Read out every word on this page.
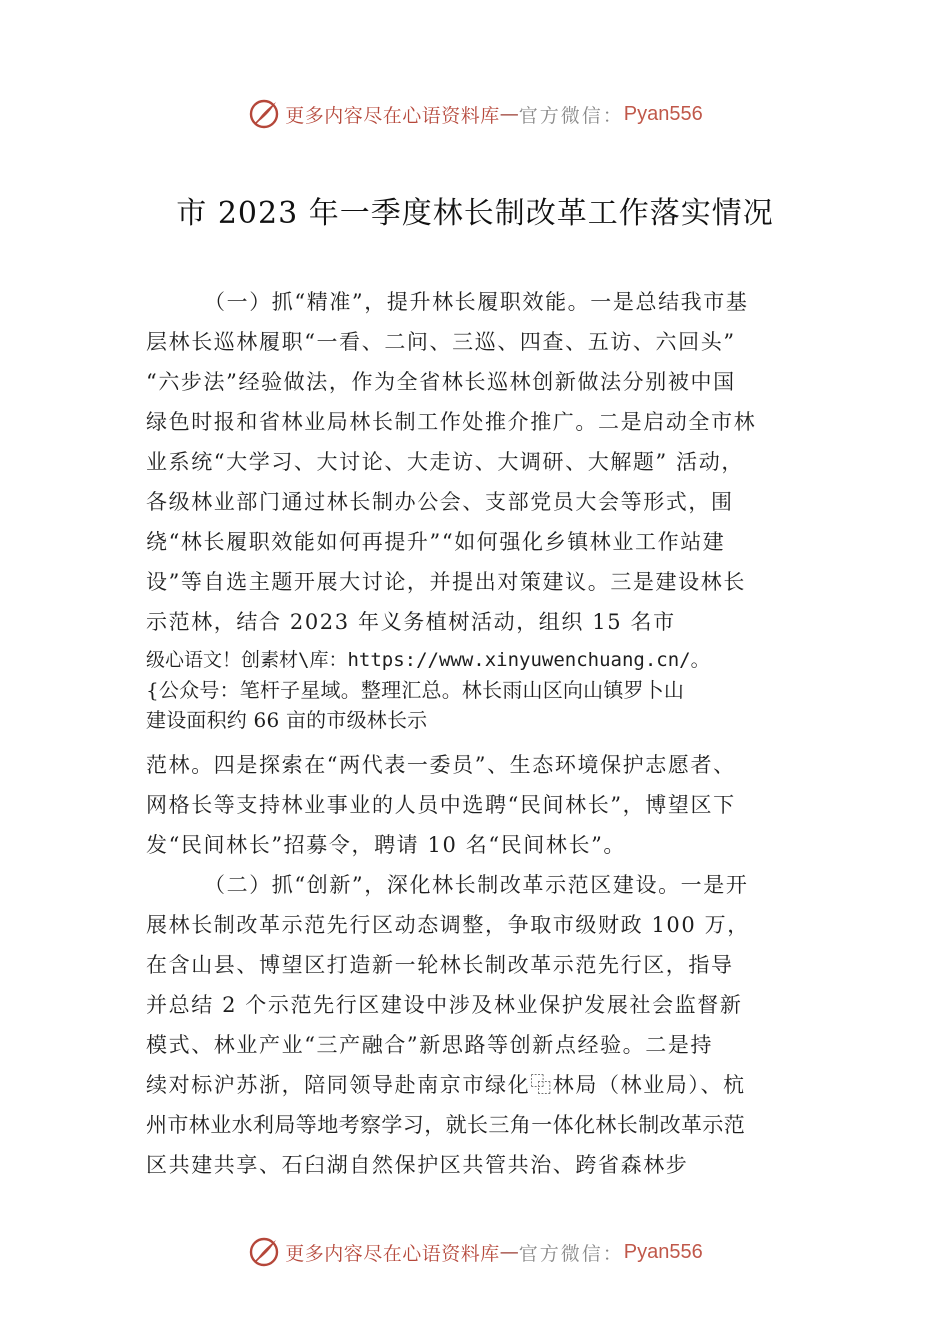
更多内容尽在心语资料库 — 官方微信： Pyan556
市 2023 年一季度林长制改革工作落实情况
（一）抓“精准”，提升林长履职效能。一是总结我市基
层林长巡林履职“一看、二问、三巡、四查、五访、六回头”
“六步法”经验做法，作为全省林长巡林创新做法分别被中国
绿色时报和省林业局林长制工作处推介推广。二是启动全市林
业系统“大学习、大讨论、大走访、大调研、大解题” 活动，
各级林业部门通过林长制办公会、支部党员大会等形式，围
绕“林长履职效能如何再提升”“如何强化乡镇林业工作站建
设”等自选主题开展大讨论，并提出对策建议。三是建设林长
示范林，结合 2023 年义务植树活动，组织 15 名市
级心语文！创素材\库：https://www.xinyuwenchuang.cn/。
{公众号：笔杆子星域。整理汇总。林长雨山区向山镇罗卜山
建设面积约 66 亩的市级林长示
范林。四是探索在“两代表一委员”、生态环境保护志愿者、
网格长等支持林业事业的人员中选聘“民间林长”，博望区下
发“民间林长”招募令，聘请 10 名“民间林长”。
（二）抓“创新”，深化林长制改革示范区建设。一是开
展林长制改革示范先行区动态调整，争取市级财政 100 万，
在含山县、博望区打造新一轮林长制改革示范先行区，指导
并总结 2 个示范先行区建设中涉及林业保护发展社会监督新
模式、林业产业“三产融合”新思路等创新点经验。二是持
续对标沪苏浙，陪同领导赴南京市绿化⿻林局（林业局）、杭
州市林业水利局等地考察学习，就长三角一体化林长制改革示范
区共建共享、石臼湖自然保护区共管共治、跨省森林步
更多内容尽在心语资料库 — 官方微信： Pyan556
